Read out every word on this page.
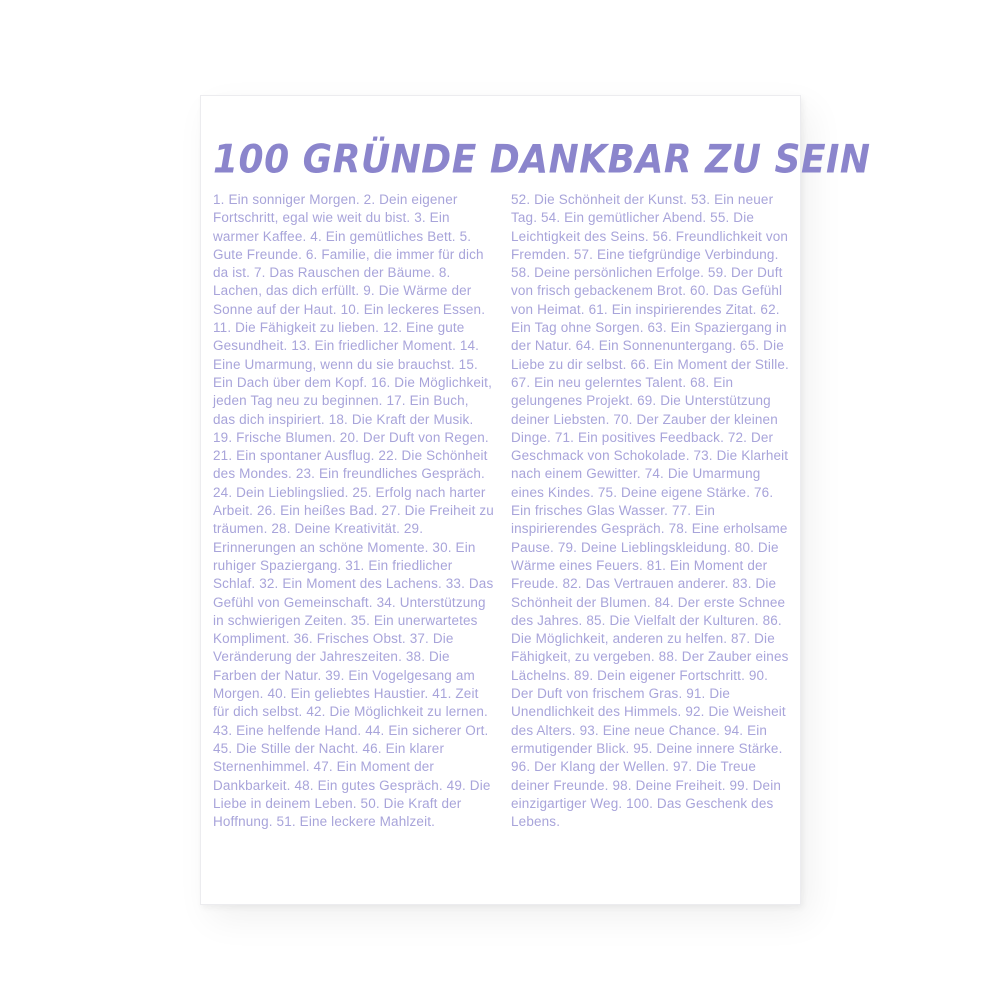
100 GRÜNDE DANKBAR ZU SEIN
1. Ein sonniger Morgen. 2. Dein eigener Fortschritt, egal wie weit du bist. 3. Ein warmer Kaffee. 4. Ein gemütliches Bett. 5. Gute Freunde. 6. Familie, die immer für dich da ist. 7. Das Rauschen der Bäume. 8. Lachen, das dich erfüllt. 9. Die Wärme der Sonne auf der Haut. 10. Ein leckeres Essen. 11. Die Fähigkeit zu lieben. 12. Eine gute Gesundheit. 13. Ein friedlicher Moment. 14. Eine Umarmung, wenn du sie brauchst. 15. Ein Dach über dem Kopf. 16. Die Möglichkeit, jeden Tag neu zu beginnen. 17. Ein Buch, das dich inspiriert. 18. Die Kraft der Musik. 19. Frische Blumen. 20. Der Duft von Regen. 21. Ein spontaner Ausflug. 22. Die Schönheit des Mondes. 23. Ein freundliches Gespräch. 24. Dein Lieblingslied. 25. Erfolg nach harter Arbeit. 26. Ein heißes Bad. 27. Die Freiheit zu träumen. 28. Deine Kreativität. 29. Erinnerungen an schöne Momente. 30. Ein ruhiger Spaziergang. 31. Ein friedlicher Schlaf. 32. Ein Moment des Lachens. 33. Das Gefühl von Gemeinschaft. 34. Unterstützung in schwierigen Zeiten. 35. Ein unerwartetes Kompliment. 36. Frisches Obst. 37. Die Veränderung der Jahreszeiten. 38. Die Farben der Natur. 39. Ein Vogelgesang am Morgen. 40. Ein geliebtes Haustier. 41. Zeit für dich selbst. 42. Die Möglichkeit zu lernen. 43. Eine helfende Hand. 44. Ein sicherer Ort. 45. Die Stille der Nacht. 46. Ein klarer Sternenhimmel. 47. Ein Moment der Dankbarkeit. 48. Ein gutes Gespräch. 49. Die Liebe in deinem Leben. 50. Die Kraft der Hoffnung. 51. Eine leckere Mahlzeit.
52. Die Schönheit der Kunst. 53. Ein neuer Tag. 54. Ein gemütlicher Abend. 55. Die Leichtigkeit des Seins. 56. Freundlichkeit von Fremden. 57. Eine tiefgründige Verbindung. 58. Deine persönlichen Erfolge. 59. Der Duft von frisch gebackenem Brot. 60. Das Gefühl von Heimat. 61. Ein inspirierendes Zitat. 62. Ein Tag ohne Sorgen. 63. Ein Spaziergang in der Natur. 64. Ein Sonnenuntergang. 65. Die Liebe zu dir selbst. 66. Ein Moment der Stille. 67. Ein neu gelerntes Talent. 68. Ein gelungenes Projekt. 69. Die Unterstützung deiner Liebsten. 70. Der Zauber der kleinen Dinge. 71. Ein positives Feedback. 72. Der Geschmack von Schokolade. 73. Die Klarheit nach einem Gewitter. 74. Die Umarmung eines Kindes. 75. Deine eigene Stärke. 76. Ein frisches Glas Wasser. 77. Ein inspirierendes Gespräch. 78. Eine erholsame Pause. 79. Deine Lieblingskleidung. 80. Die Wärme eines Feuers. 81. Ein Moment der Freude. 82. Das Vertrauen anderer. 83. Die Schönheit der Blumen. 84. Der erste Schnee des Jahres. 85. Die Vielfalt der Kulturen. 86. Die Möglichkeit, anderen zu helfen. 87. Die Fähigkeit, zu vergeben. 88. Der Zauber eines Lächelns. 89. Dein eigener Fortschritt. 90. Der Duft von frischem Gras. 91. Die Unendlichkeit des Himmels. 92. Die Weisheit des Alters. 93. Eine neue Chance. 94. Ein ermutigender Blick. 95. Deine innere Stärke. 96. Der Klang der Wellen. 97. Die Treue deiner Freunde. 98. Deine Freiheit. 99. Dein einzigartiger Weg. 100. Das Geschenk des Lebens.
